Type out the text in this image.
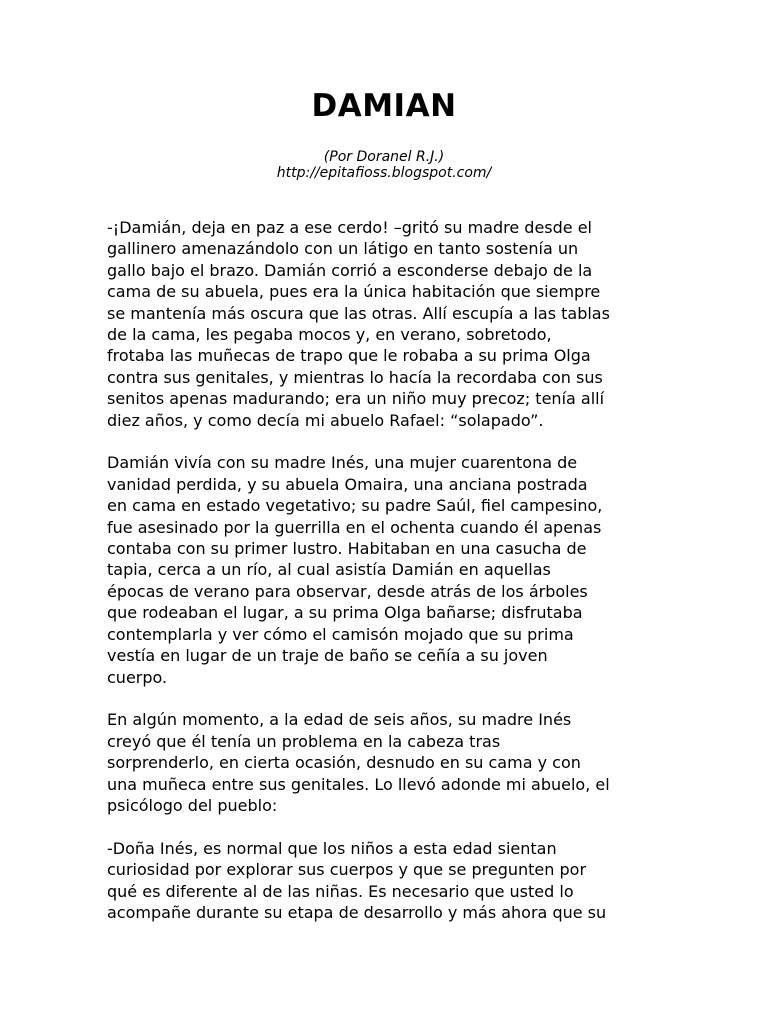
DAMIAN
(Por Doranel R.J.)
http://epitafioss.blogspot.com/

-¡Damián, deja en paz a ese cerdo! –gritó su madre desde el
gallinero amenazándolo con un látigo en tanto sostenía un
gallo bajo el brazo. Damián corrió a esconderse debajo de la
cama de su abuela, pues era la única habitación que siempre
se mantenía más oscura que las otras. Allí escupía a las tablas
de la cama, les pegaba mocos y, en verano, sobretodo,
frotaba las muñecas de trapo que le robaba a su prima Olga
contra sus genitales, y mientras lo hacía la recordaba con sus
senitos apenas madurando; era un niño muy precoz; tenía allí
diez años, y como decía mi abuelo Rafael: “solapado”.

Damián vivía con su madre Inés, una mujer cuarentona de
vanidad perdida, y su abuela Omaira, una anciana postrada
en cama en estado vegetativo; su padre Saúl, fiel campesino,
fue asesinado por la guerrilla en el ochenta cuando él apenas
contaba con su primer lustro. Habitaban en una casucha de
tapia, cerca a un río, al cual asistía Damián en aquellas
épocas de verano para observar, desde atrás de los árboles
que rodeaban el lugar, a su prima Olga bañarse; disfrutaba
contemplarla y ver cómo el camisón mojado que su prima
vestía en lugar de un traje de baño se ceñía a su joven
cuerpo.

En algún momento, a la edad de seis años, su madre Inés
creyó que él tenía un problema en la cabeza tras
sorprenderlo, en cierta ocasión, desnudo en su cama y con
una muñeca entre sus genitales. Lo llevó adonde mi abuelo, el
psicólogo del pueblo:

-Doña Inés, es normal que los niños a esta edad sientan
curiosidad por explorar sus cuerpos y que se pregunten por
qué es diferente al de las niñas. Es necesario que usted lo
acompañe durante su etapa de desarrollo y más ahora que su
